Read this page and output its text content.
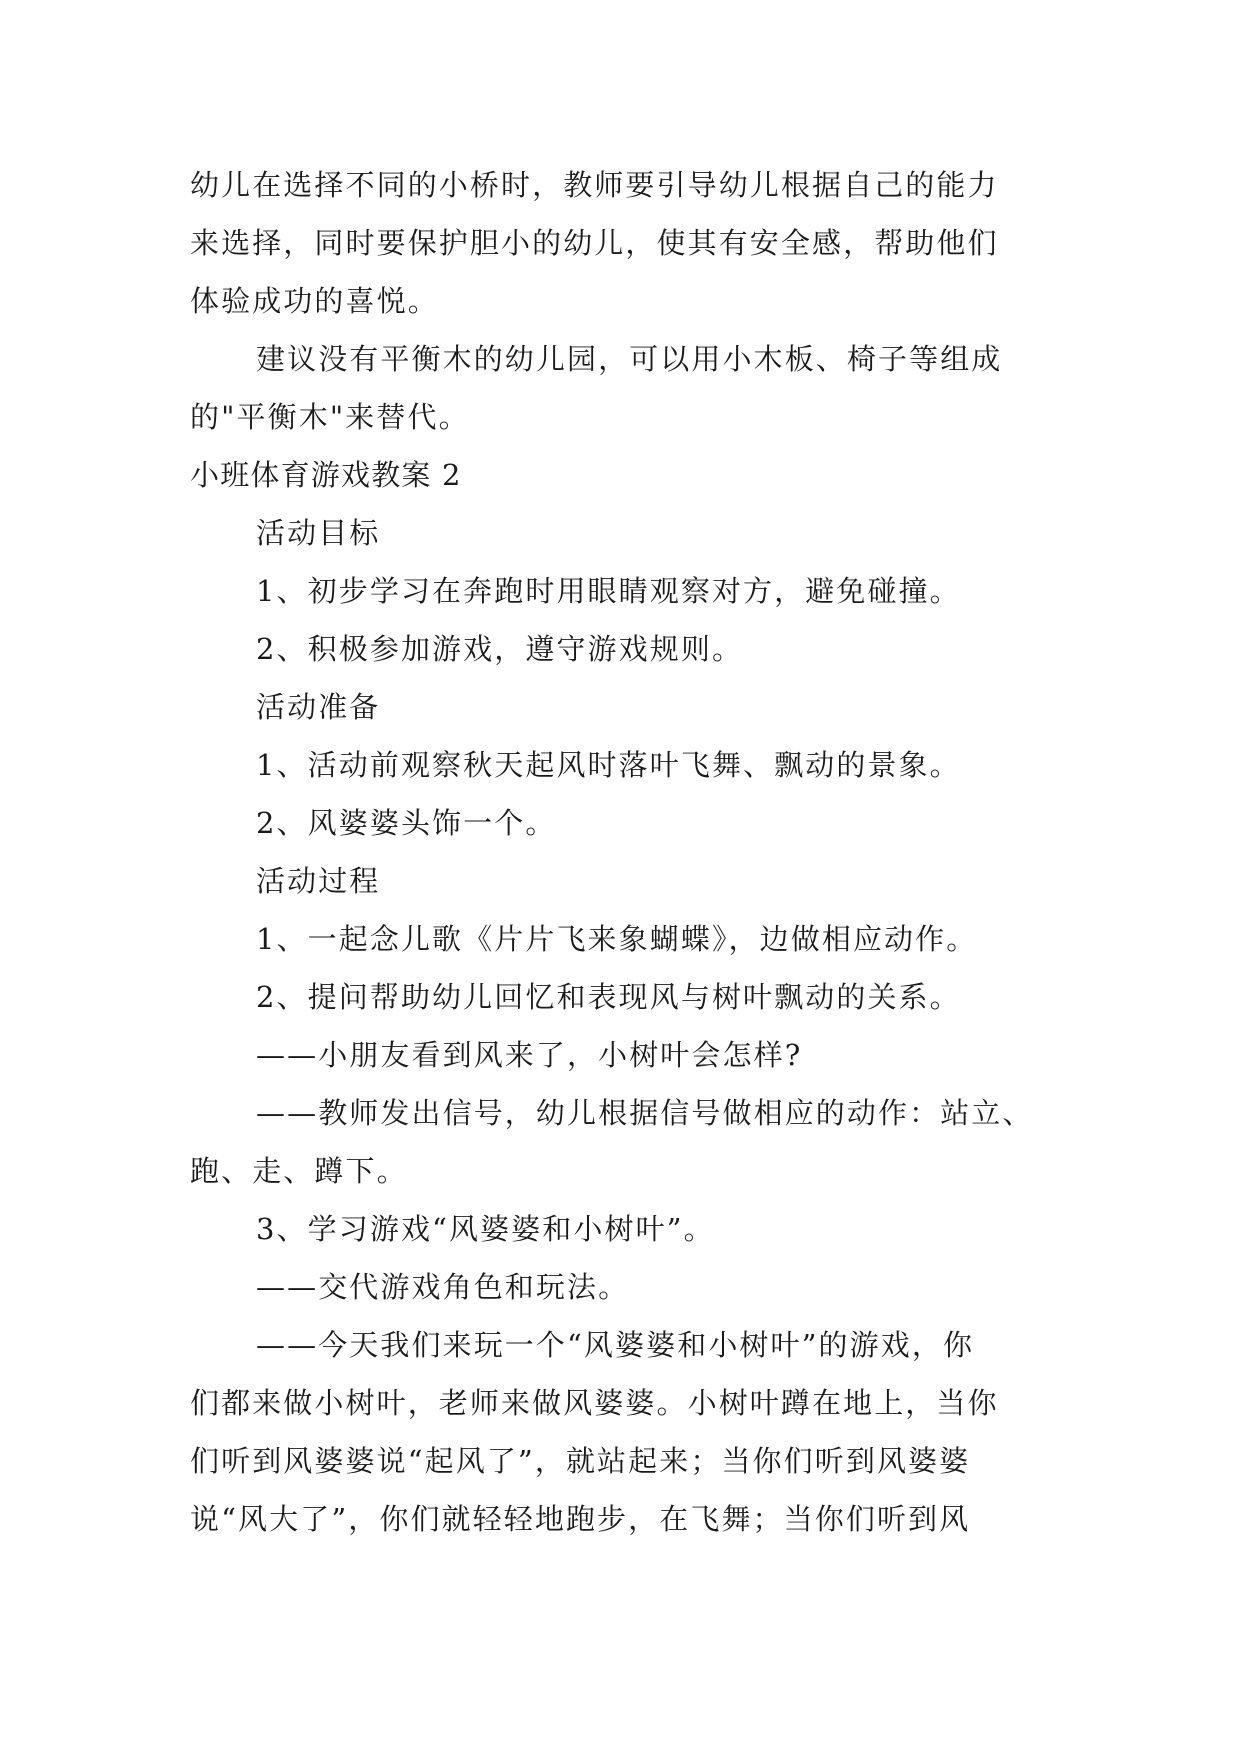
幼儿在选择不同的小桥时，教师要引导幼儿根据自己的能力
来选择，同时要保护胆小的幼儿，使其有安全感，帮助他们
体验成功的喜悦。
建议没有平衡木的幼儿园，可以用小木板、椅子等组成
的"平衡木"来替代。
小班体育游戏教案 2
活动目标
1、初步学习在奔跑时用眼睛观察对方，避免碰撞。
2、积极参加游戏，遵守游戏规则。
活动准备
1、活动前观察秋天起风时落叶飞舞、飘动的景象。
2、风婆婆头饰一个。
活动过程
1、一起念儿歌《片片飞来象蝴蝶》，边做相应动作。
2、提问帮助幼儿回忆和表现风与树叶飘动的关系。
——小朋友看到风来了，小树叶会怎样?
——教师发出信号，幼儿根据信号做相应的动作：站立、
跑、走、蹲下。
3、学习游戏“风婆婆和小树叶”。
——交代游戏角色和玩法。
——今天我们来玩一个“风婆婆和小树叶”的游戏，你
们都来做小树叶，老师来做风婆婆。小树叶蹲在地上，当你
们听到风婆婆说“起风了”，就站起来；当你们听到风婆婆
说“风大了”，你们就轻轻地跑步，在飞舞；当你们听到风
